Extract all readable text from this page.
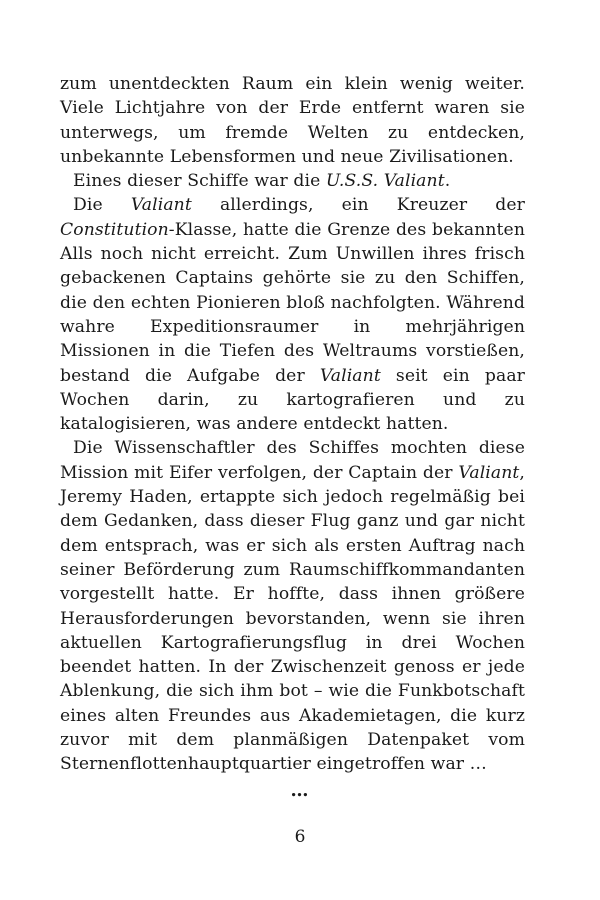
zum unentdeckten Raum ein klein wenig weiter. Viele Lichtjahre von der Erde entfernt waren sie unterwegs, um fremde Welten zu entdecken, unbekannte Lebensformen und neue Zivilisationen.

Eines dieser Schiffe war die U.S.S. Valiant.

Die Valiant allerdings, ein Kreuzer der Constitution-Klasse, hatte die Grenze des bekannten Alls noch nicht erreicht. Zum Unwillen ihres frisch gebackenen Captains gehörte sie zu den Schiffen, die den echten Pionieren bloß nachfolgten. Während wahre Expeditionsraumer in mehrjährigen Missionen in die Tiefen des Weltraums vorstießen, bestand die Aufgabe der Valiant seit ein paar Wochen darin, zu kartografieren und zu katalogisieren, was andere entdeckt hatten.

Die Wissenschaftler des Schiffes mochten diese Mission mit Eifer verfolgen, der Captain der Valiant, Jeremy Haden, ertappte sich jedoch regelmäßig bei dem Gedanken, dass dieser Flug ganz und gar nicht dem entsprach, was er sich als ersten Auftrag nach seiner Beförderung zum Raumschiffkommandanten vorgestellt hatte. Er hoffte, dass ihnen größere Herausforderungen bevorstanden, wenn sie ihren aktuellen Kartografierungsflug in drei Wochen beendet hatten. In der Zwischenzeit genoss er jede Ablenkung, die sich ihm bot – wie die Funkbotschaft eines alten Freundes aus Akademietagen, die kurz zuvor mit dem planmäßigen Datenpaket vom Sternenflottenhauptquartier eingetroffen war …

…
6
